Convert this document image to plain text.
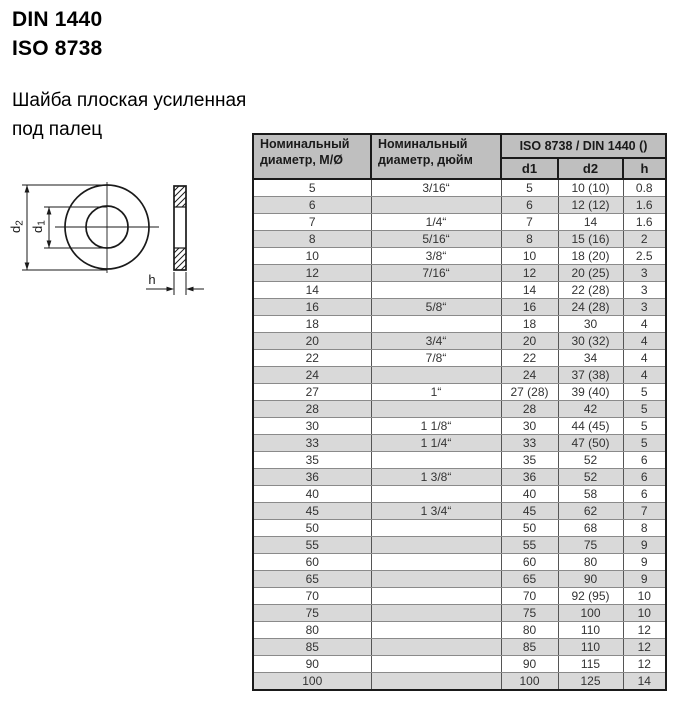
DIN 1440
ISO 8738
Шайба плоская усиленная
под палец
d2
d1
h
Номинальный диаметр, М/Ø	Номинальный диаметр, дюйм	ISO 8738 / DIN 1440 ()		
		d1	d2	h
5	3/16“	5	10 (10)	0.8
6		6	12 (12)	1.6
7	1/4“	7	14	1.6
8	5/16“	8	15 (16)	2
10	3/8“	10	18 (20)	2.5
12	7/16“	12	20 (25)	3
14		14	22 (28)	3
16	5/8“	16	24 (28)	3
18		18	30	4
20	3/4“	20	30 (32)	4
22	7/8“	22	34	4
24		24	37 (38)	4
27	1“	27 (28)	39 (40)	5
28		28	42	5
30	1 1/8“	30	44 (45)	5
33	1 1/4“	33	47 (50)	5
35		35	52	6
36	1 3/8“	36	52	6
40		40	58	6
45	1 3/4“	45	62	7
50		50	68	8
55		55	75	9
60		60	80	9
65		65	90	9
70		70	92 (95)	10
75		75	100	10
80		80	110	12
85		85	110	12
90		90	115	12
100		100	125	14
